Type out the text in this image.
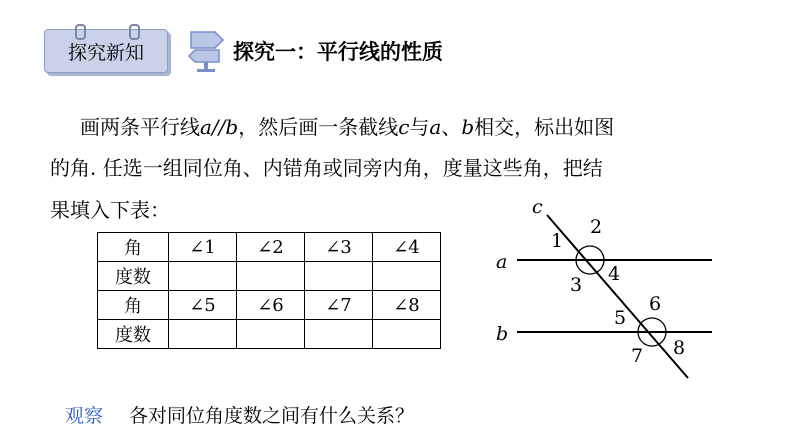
探究新知	探究一：平行线的性质
画两条平行线a//b，然后画一条截线c与a、b相交，标出如图
的角. 任选一组同位角、内错角或同旁内角，度量这些角，把结
果填入下表：
角	∠1	∠2	∠3	∠4
度数				
角	∠5	∠6	∠7	∠8
度数				
a
b
c
1
2
3 4
5
6
7 8
观察 各对同位角度数之间有什么关系？
